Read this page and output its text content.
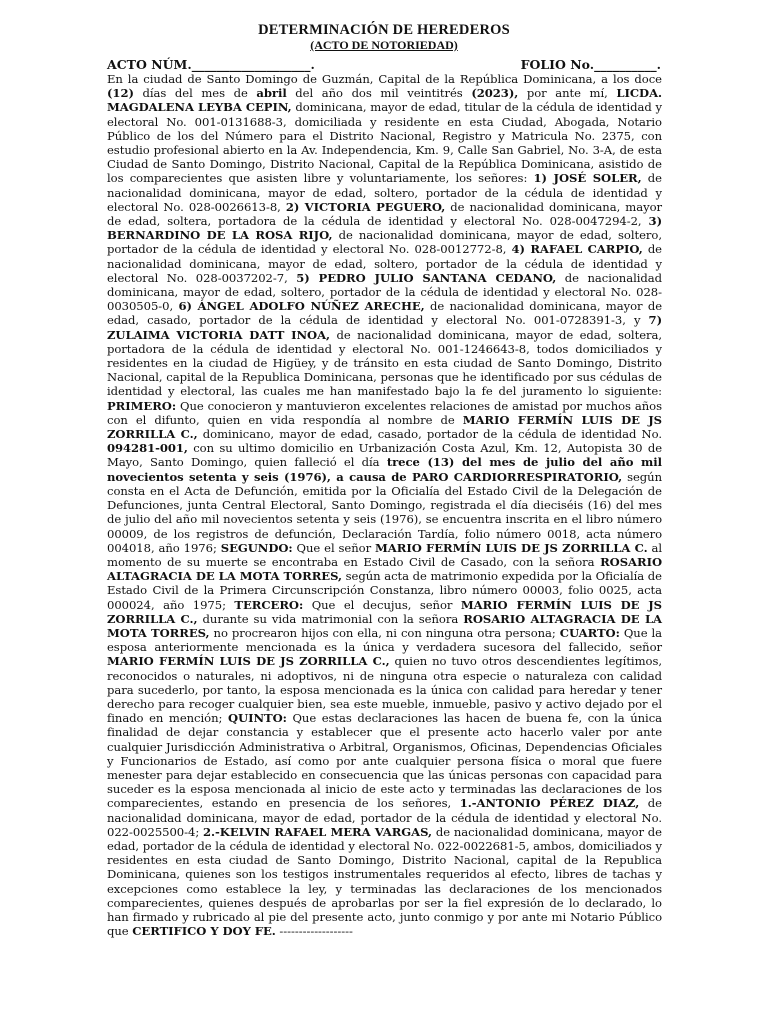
DETERMINACIÓN DE HEREDEROS
(ACTO DE NOTORIEDAD)
ACTO NÚM.___________________.	FOLIO No.__________.
En la ciudad de Santo Domingo de Guzmán, Capital de la República Dominicana, a los doce (12) días del mes de abril del año dos mil veintitrés (2023), por ante mí, LICDA. MAGDALENA LEYBA CEPIN, dominicana, mayor de edad, titular de la cédula de identidad y electoral No. 001-0131688-3, domiciliada y residente en esta Ciudad, Abogada, Notario Público de los del Número para el Distrito Nacional, Registro y Matricula No. 2375, con estudio profesional abierto en la Av. Independencia, Km. 9, Calle San Gabriel, No. 3-A, de esta Ciudad de Santo Domingo, Distrito Nacional, Capital de la República Dominicana, asistido de los comparecientes que asisten libre y voluntariamente, los señores: 1) JOSÉ SOLER, de nacionalidad dominicana, mayor de edad, soltero, portador de la cédula de identidad y electoral No. 028-0026613-8, 2) VICTORIA PEGUERO, de nacionalidad dominicana, mayor de edad, soltera, portadora de la cédula de identidad y electoral No. 028-0047294-2, 3) BERNARDINO DE LA ROSA RIJO, de nacionalidad dominicana, mayor de edad, soltero, portador de la cédula de identidad y electoral No. 028-0012772-8, 4) RAFAEL CARPIO, de nacionalidad dominicana, mayor de edad, soltero, portador de la cédula de identidad y electoral No. 028-0037202-7, 5) PEDRO JULIO SANTANA CEDANO, de nacionalidad dominicana, mayor de edad, soltero, portador de la cédula de identidad y electoral No. 028-0030505-0, 6) ÁNGEL ADOLFO NÚÑEZ ARECHE, de nacionalidad dominicana, mayor de edad, casado, portador de la cédula de identidad y electoral No. 001-0728391-3, y 7) ZULAIMA VICTORIA DATT INOA, de nacionalidad dominicana, mayor de edad, soltera, portadora de la cédula de identidad y electoral No. 001-1246643-8, todos domiciliados y residentes en la ciudad de Higüey, y de tránsito en esta ciudad de Santo Domingo, Distrito Nacional, capital de la Republica Dominicana, personas que he identificado por sus cédulas de identidad y electoral, las cuales me han manifestado bajo la fe del juramento lo siguiente: PRIMERO: Que conocieron y mantuvieron excelentes relaciones de amistad por muchos años con el difunto, quien en vida respondía al nombre de MARIO FERMÍN LUIS DE JS ZORRILLA C., dominicano, mayor de edad, casado, portador de la cédula de identidad No. 094281-001, con su ultimo domicilio en Urbanización Costa Azul, Km. 12, Autopista 30 de Mayo, Santo Domingo, quien falleció el día trece (13) del mes de julio del año mil novecientos setenta y seis (1976), a causa de PARO CARDIORRESPIRATORIO, según consta en el Acta de Defunción, emitida por la Oficialía del Estado Civil de la Delegación de Defunciones, junta Central Electoral, Santo Domingo, registrada el día dieciséis (16) del mes de julio del año mil novecientos setenta y seis (1976), se encuentra inscrita en el libro número 00009, de los registros de defunción, Declaración Tardía, folio número 0018, acta número 004018, año 1976; SEGUNDO: Que el señor MARIO FERMÍN LUIS DE JS ZORRILLA C. al momento de su muerte se encontraba en Estado Civil de Casado, con la señora ROSARIO ALTAGRACIA DE LA MOTA TORRES, según acta de matrimonio expedida por la Oficialía de Estado Civil de la Primera Circunscripción Constanza, libro número 00003, folio 0025, acta 000024, año 1975; TERCERO: Que el decujus, señor MARIO FERMÍN LUIS DE JS ZORRILLA C., durante su vida matrimonial con la señora ROSARIO ALTAGRACIA DE LA MOTA TORRES, no procrearon hijos con ella, ni con ninguna otra persona; CUARTO: Que la esposa anteriormente mencionada es la única y verdadera sucesora del fallecido, señor MARIO FERMÍN LUIS DE JS ZORRILLA C., quien no tuvo otros descendientes legítimos, reconocidos o naturales, ni adoptivos, ni de ninguna otra especie o naturaleza con calidad para sucederlo, por tanto, la esposa mencionada es la única con calidad para heredar y tener derecho para recoger cualquier bien, sea este mueble, inmueble, pasivo y activo dejado por el finado en mención; QUINTO: Que estas declaraciones las hacen de buena fe, con la única finalidad de dejar constancia y establecer que el presente acto hacerlo valer por ante cualquier Jurisdicción Administrativa o Arbitral, Organismos, Oficinas, Dependencias Oficiales y Funcionarios de Estado, así como por ante cualquier persona física o moral que fuere menester para dejar establecido en consecuencia que las únicas personas con capacidad para suceder es la esposa mencionada al inicio de este acto y terminadas las declaraciones de los comparecientes, estando en presencia de los señores, 1.-ANTONIO PÉREZ DIAZ, de nacionalidad dominicana, mayor de edad, portador de la cédula de identidad y electoral No. 022-0025500-4; 2.-KELVIN RAFAEL MERA VARGAS, de nacionalidad dominicana, mayor de edad, portador de la cédula de identidad y electoral No. 022-0022681-5, ambos, domiciliados y residentes en esta ciudad de Santo Domingo, Distrito Nacional, capital de la Republica Dominicana, quienes son los testigos instrumentales requeridos al efecto, libres de tachas y excepciones como establece la ley, y terminadas las declaraciones de los mencionados comparecientes, quienes después de aprobarlas por ser la fiel expresión de lo declarado, lo han firmado y rubricado al pie del presente acto, junto conmigo y por ante mi Notario Público que CERTIFICO Y DOY FE. -------------------
